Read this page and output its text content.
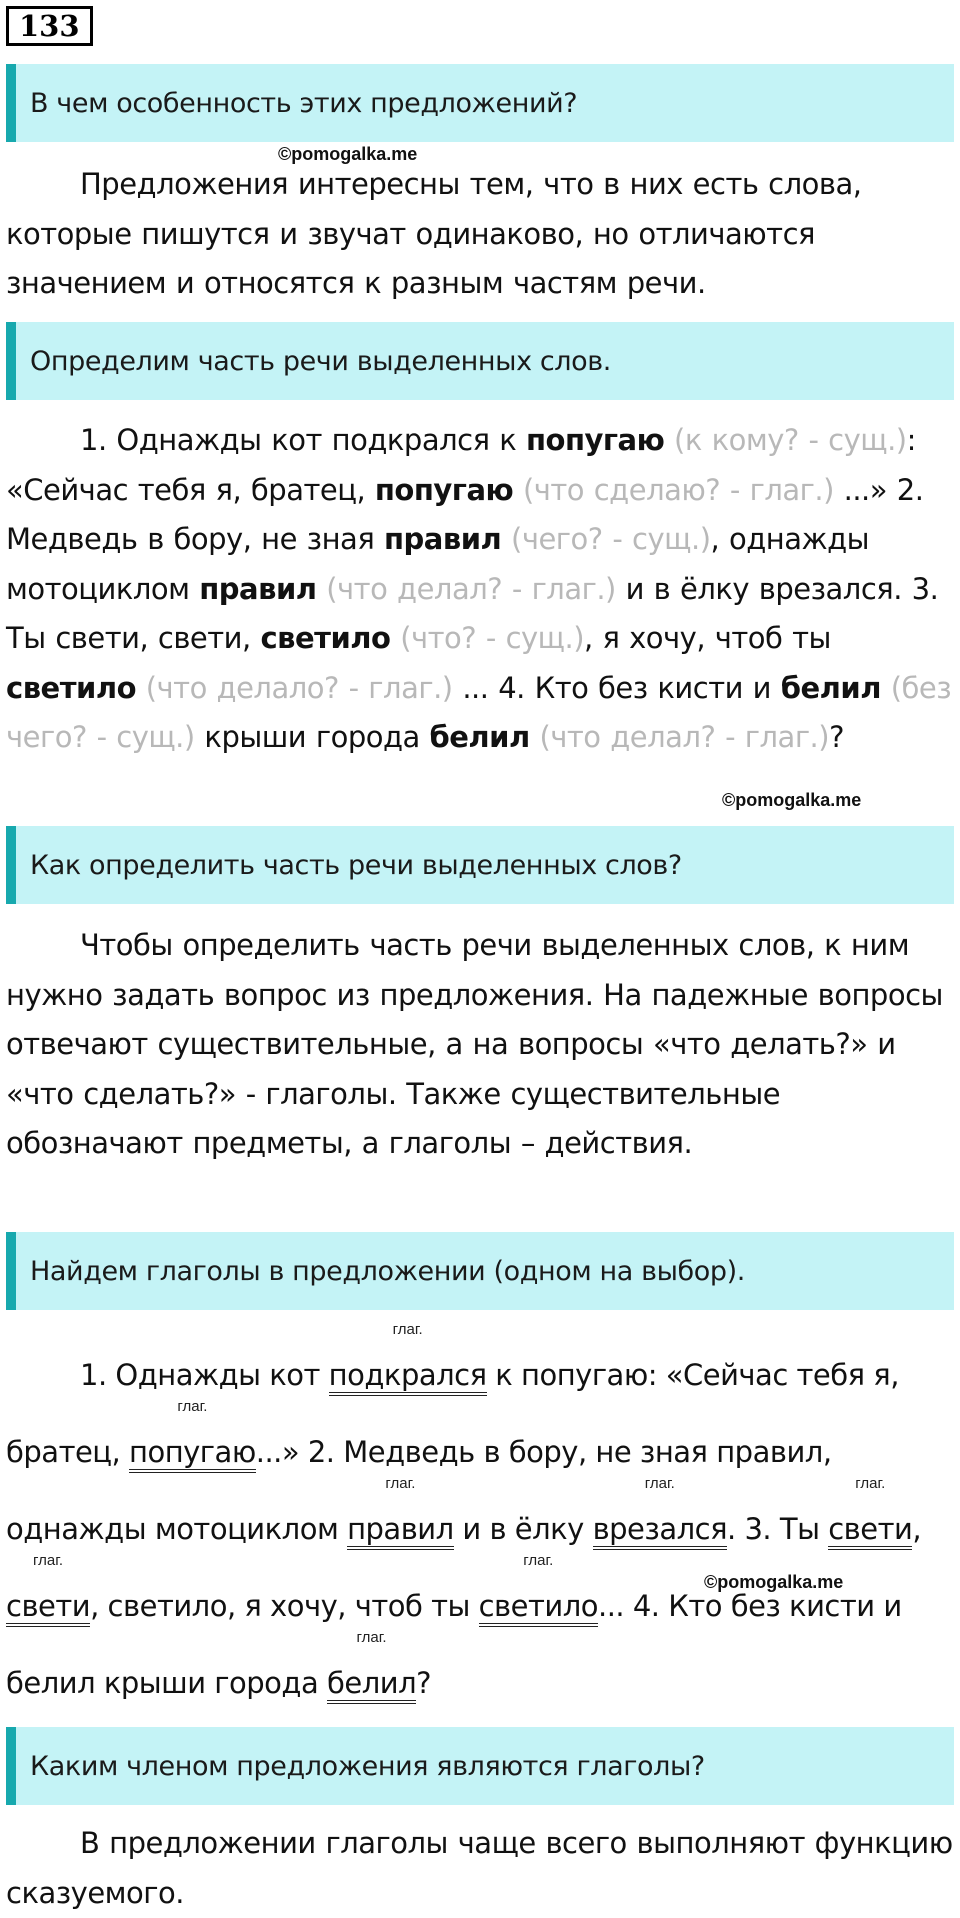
133
В чем особенность этих предложений?
©pomogalka.me

Предложения интересны тем, что в них есть слова, которые пишутся и звучат одинаково, но отличаются значением и относятся к разным частям речи.

Определим часть речи выделенных слов.

1. Однажды кот подкрался к попугаю (к кому? - сущ.): «Сейчас тебя я, братец, попугаю (что сделаю? - глаг.) ...» 2. Медведь в бору, не зная правил (чего? - сущ.), однажды мотоциклом правил (что делал? - глаг.) и в ёлку врезался. 3. Ты свети, свети, светило (что? - сущ.), я хочу, чтоб ты светило (что делало? - глаг.) ... 4. Кто без кисти и белил (без чего? - сущ.) крыши города белил (что делал? - глаг.)?

©pomogalka.me
Как определить часть речи выделенных слов?

Чтобы определить часть речи выделенных слов, к ним нужно задать вопрос из предложения. На падежные вопросы отвечают существительные, а на вопросы «что делать?» и «что сделать?» - глаголы. Также существительные обозначают предметы, а глаголы – действия.

Найдем глаголы в предложении (одном на выбор).

1. Однажды кот
глаг.
подкрался к попугаю: «Сейчас тебя я, братец,
глаг.
попугаю...» 2. Медведь в бору, не зная правил, однажды мотоциклом
глаг.
правил и в ёлку
глаг.
врезался. 3. Ты
глаг.
свети,
глаг.
свети, светило, я хочу, чтоб ты
глаг.
светило... 4. Кто без кисти и белил крыши города
глаг.
белил?

©pomogalka.me
Каким членом предложения являются глаголы?

В предложении глаголы чаще всего выполняют функцию сказуемого.
